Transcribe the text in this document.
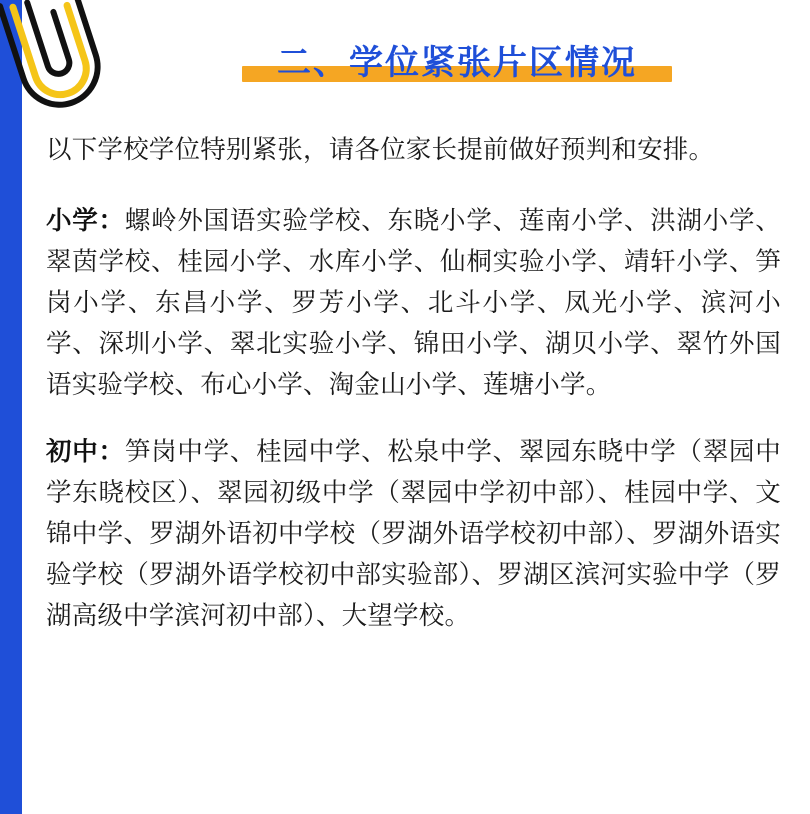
二、学位紧张片区情况

以下学校学位特别紧张，请各位家长提前做好预判和安排。

小学：螺岭外国语实验学校、东晓小学、莲南小学、洪湖小学、翠茵学校、桂园小学、水库小学、仙桐实验小学、靖轩小学、笋岗小学、东昌小学、罗芳小学、北斗小学、凤光小学、滨河小学、深圳小学、翠北实验小学、锦田小学、湖贝小学、翠竹外国语实验学校、布心小学、淘金山小学、莲塘小学。

初中：笋岗中学、桂园中学、松泉中学、翠园东晓中学（翠园中学东晓校区）、翠园初级中学（翠园中学初中部）、桂园中学、文锦中学、罗湖外语初中学校（罗湖外语学校初中部）、罗湖外语实验学校（罗湖外语学校初中部实验部）、罗湖区滨河实验中学（罗湖高级中学滨河初中部）、大望学校。
